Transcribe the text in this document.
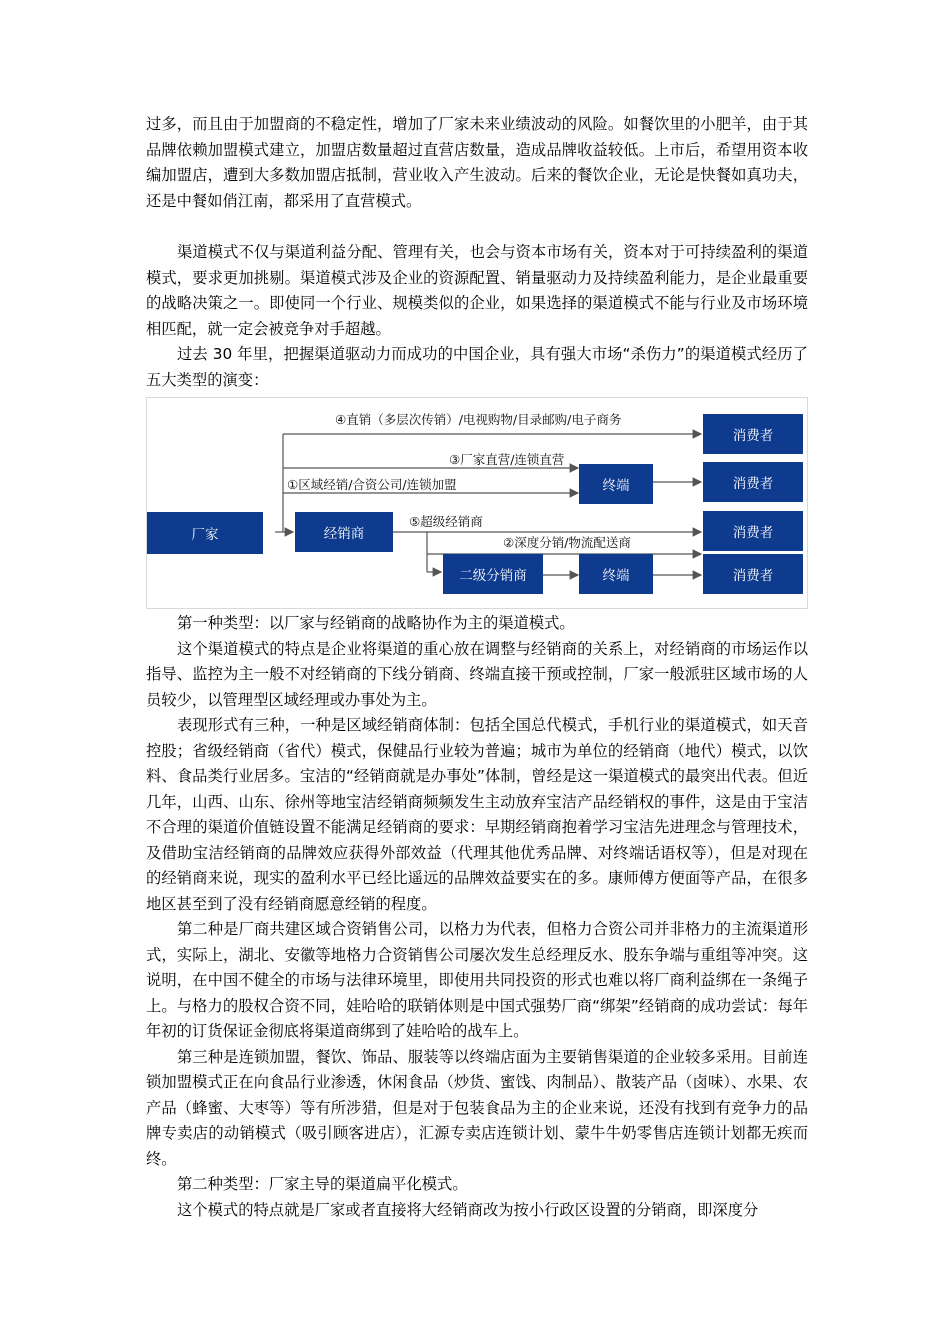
过多，而且由于加盟商的不稳定性，增加了厂家未来业绩波动的风险。如餐饮里的小肥羊，由于其品牌依赖加盟模式建立，加盟店数量超过直营店数量，造成品牌收益较低。上市后，希望用资本收编加盟店，遭到大多数加盟店抵制，营业收入产生波动。后来的餐饮企业，无论是快餐如真功夫，还是中餐如俏江南，都采用了直营模式。

渠道模式不仅与渠道利益分配、管理有关，也会与资本市场有关，资本对于可持续盈利的渠道模式，要求更加挑剔。渠道模式涉及企业的资源配置、销量驱动力及持续盈利能力，是企业最重要的战略决策之一。即使同一个行业、规模类似的企业，如果选择的渠道模式不能与行业及市场环境相匹配，就一定会被竞争对手超越。

过去 30 年里，把握渠道驱动力而成功的中国企业，具有强大市场“杀伤力”的渠道模式经历了五大类型的演变：

厂家	经销商
二级分销商
终端
终端
消费者
消费者
消费者
消费者
④直销（多层次传销）/电视购物/目录邮购/电子商务
③厂家直营/连锁直营
①区域经销/合资公司/连锁加盟
⑤超级经销商
②深度分销/物流配送商

第一种类型：以厂家与经销商的战略协作为主的渠道模式。

这个渠道模式的特点是企业将渠道的重心放在调整与经销商的关系上，对经销商的市场运作以指导、监控为主一般不对经销商的下线分销商、终端直接干预或控制，厂家一般派驻区域市场的人员较少，以管理型区域经理或办事处为主。

表现形式有三种，一种是区域经销商体制：包括全国总代模式，手机行业的渠道模式，如天音控股；省级经销商（省代）模式，保健品行业较为普遍；城市为单位的经销商（地代）模式，以饮料、食品类行业居多。宝洁的“经销商就是办事处”体制，曾经是这一渠道模式的最突出代表。但近几年，山西、山东、徐州等地宝洁经销商频频发生主动放弃宝洁产品经销权的事件，这是由于宝洁不合理的渠道价值链设置不能满足经销商的要求：早期经销商抱着学习宝洁先进理念与管理技术，及借助宝洁经销商的品牌效应获得外部效益（代理其他优秀品牌、对终端话语权等），但是对现在的经销商来说，现实的盈利水平已经比遥远的品牌效益要实在的多。康师傅方便面等产品，在很多地区甚至到了没有经销商愿意经销的程度。

第二种是厂商共建区域合资销售公司，以格力为代表，但格力合资公司并非格力的主流渠道形式，实际上，湖北、安徽等地格力合资销售公司屡次发生总经理反水、股东争端与重组等冲突。这说明，在中国不健全的市场与法律环境里，即使用共同投资的形式也难以将厂商利益绑在一条绳子上。与格力的股权合资不同，娃哈哈的联销体则是中国式强势厂商“绑架”经销商的成功尝试：每年年初的订货保证金彻底将渠道商绑到了娃哈哈的战车上。

第三种是连锁加盟，餐饮、饰品、服装等以终端店面为主要销售渠道的企业较多采用。目前连锁加盟模式正在向食品行业渗透，休闲食品（炒货、蜜饯、肉制品）、散装产品（卤味）、水果、农产品（蜂蜜、大枣等）等有所涉猎，但是对于包装食品为主的企业来说，还没有找到有竞争力的品牌专卖店的动销模式（吸引顾客进店），汇源专卖店连锁计划、蒙牛牛奶零售店连锁计划都无疾而终。

第二种类型：厂家主导的渠道扁平化模式。

这个模式的特点就是厂家或者直接将大经销商改为按小行政区设置的分销商，即深度分
